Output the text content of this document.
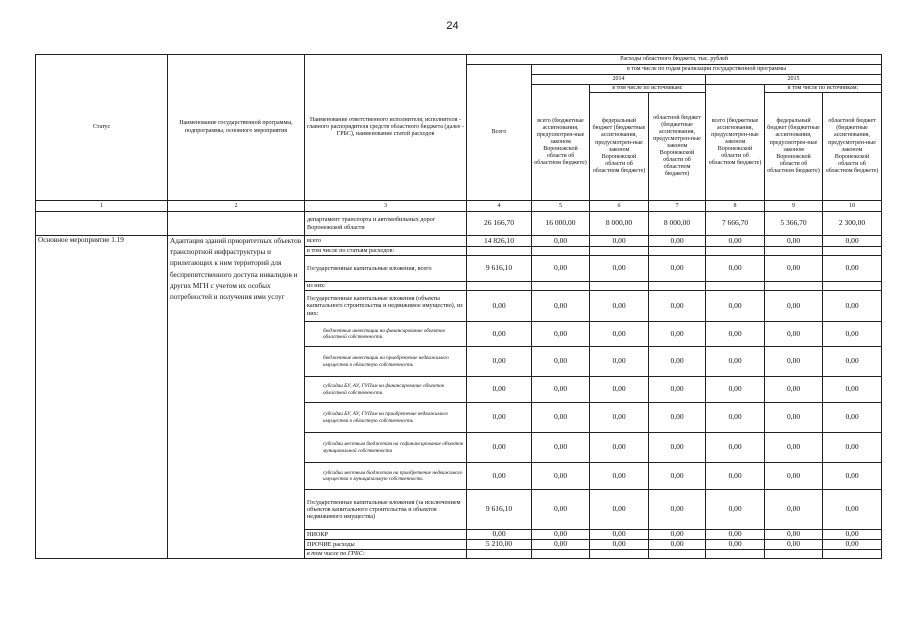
24
Статус	Наименование государственной программы, подпрограммы, основного мероприятия	Наименование ответственного исполнителя, исполнителя - главного распорядителя средств областного бюджета (далее - ГРБС), наименование статей расходов	Расходы областного бюджета, тыс. рублей						
			Всего	в том числе по годам реализации государственной программы					
				2014			2015		
				всего (бюджетные ассигнования, предусмотрен-ные законом Воронежской области об областном бюджете)	в том числе по источникам:		всего (бюджетные ассигнования, предусмотрен-ные законом Воронежской области об областном бюджете)	в том числе по источникам:	
					федеральный бюджет (бюджетные ассигнования, предусмотрен-ные законом Воронежской области об областном бюджете)	областной бюджет (бюджетные ассигнования, предусмотрен-ные законом Воронежской области об областном бюджете)		федеральный бюджет (бюджетные ассигнования, предусмотрен-ные законом Воронежской области об областном бюджете)	областной бюджет (бюджетные ассигнования, предусмотрен-ные законом Воронежской области об областном бюджете)
1	2	3	4	5	6	7	8	9	10
		департамент транспорта и автомобильных дорог Воронежской области	26 166,70	16 000,00	8 000,00	8 000,00	7 666,70	5 366,70	2 300,00
Основное мероприятие 1.19	Адаптация зданий приоритетных объектов транспортной инфраструктуры и прилегающих к ним территорий для беспрепятственного доступа инвалидов и других МГН с учетом их особых потребностей и получения ими услуг	всего	14 826,10	0,00	0,00	0,00	0,00	0,00	0,00
		в том числе по статьям расходов:							
		Государственные капитальные вложения, всего	9 616,10	0,00	0,00	0,00	0,00	0,00	0,00
		из них:							
		Государственные капитальные вложения (объекты капитального строительства и недвижимое имущество), из них:	0,00	0,00	0,00	0,00	0,00	0,00	0,00
		бюджетные инвестиции на финансирование объектов областной собственности	0,00	0,00	0,00	0,00	0,00	0,00	0,00
		бюджетные инвестиции на приобретение недвижимого имущества в областную собственность	0,00	0,00	0,00	0,00	0,00	0,00	0,00
		субсидии БУ, АУ, ГУПам на финансирование объектов областной собственности	0,00	0,00	0,00	0,00	0,00	0,00	0,00
		субсидии БУ, АУ, ГУПам на приобретение недвижимого имущества в областную собственность	0,00	0,00	0,00	0,00	0,00	0,00	0,00
		субсидии местным бюджетам на софинансирование объектов муниципальной собственности	0,00	0,00	0,00	0,00	0,00	0,00	0,00
		субсидии местным бюджетам на приобретение недвижимого имущества в муниципальную собственность	0,00	0,00	0,00	0,00	0,00	0,00	0,00
		Государственные капитальные вложения (за исключением объектов капитального строительства и объектов недвижимого имущества)	9 616,10	0,00	0,00	0,00	0,00	0,00	0,00
		НИОКР	0,00	0,00	0,00	0,00	0,00	0,00	0,00
		ПРОЧИЕ расходы	5 210,00	0,00	0,00	0,00	0,00	0,00	0,00
		в том числе по ГРБС:							
